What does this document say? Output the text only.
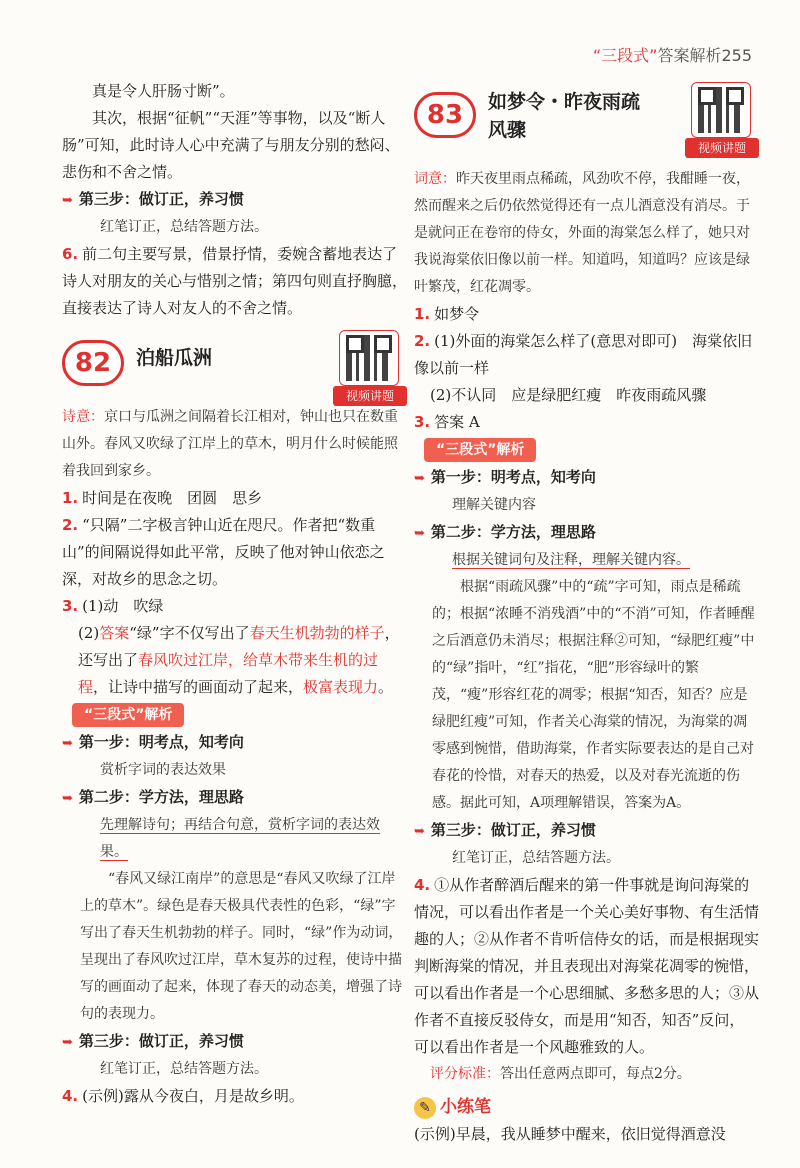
“三段式”答案解析255

真是令人肝肠寸断”。

其次，根据“征帆”“天涯”等事物，以及“断人肠”可知，此时诗人心中充满了与朋友分别的愁闷、悲伤和不舍之情。

➥ 第三步：做订正，养习惯

红笔订正，总结答题方法。

6. 前二句主要写景，借景抒情，委婉含蓄地表达了诗人对朋友的关心与惜别之情；第四句则直抒胸臆，直接表达了诗人对友人的不舍之情。

82	泊船瓜洲
视频讲题

诗意：京口与瓜洲之间隔着长江相对，钟山也只在数重山外。春风又吹绿了江岸上的草木，明月什么时候能照着我回到家乡。

1. 时间是在夜晚　团圆　思乡

2. “只隔”二字极言钟山近在咫尺。作者把“数重山”的间隔说得如此平常，反映了他对钟山依恋之深，对故乡的思念之切。

3. (1)动　吹绿

(2)答案“绿”字不仅写出了春天生机勃勃的样子，还写出了春风吹过江岸，给草木带来生机的过程，让诗中描写的画面动了起来，极富表现力。

“三段式”解析

➥ 第一步：明考点，知考向

赏析字词的表达效果

➥ 第二步：学方法，理思路

先理解诗句；再结合句意，赏析字词的表达效果。

“春风又绿江南岸”的意思是“春风又吹绿了江岸上的草木”。绿色是春天极具代表性的色彩，“绿”字写出了春天生机勃勃的样子。同时，“绿”作为动词，呈现出了春风吹过江岸，草木复苏的过程，使诗中描写的画面动了起来，体现了春天的动态美，增强了诗句的表现力。

➥ 第三步：做订正，养习惯

红笔订正，总结答题方法。

4. (示例)露从今夜白，月是故乡明。

83	如梦令・昨夜雨疏
风骤
视频讲题

词意：昨天夜里雨点稀疏，风劲吹不停，我酣睡一夜，然而醒来之后仍依然觉得还有一点儿酒意没有消尽。于是就问正在卷帘的侍女，外面的海棠怎么样了，她只对我说海棠依旧像以前一样。知道吗，知道吗？应该是绿叶繁茂，红花凋零。

1. 如梦令

2. (1)外面的海棠怎么样了(意思对即可)　海棠依旧像以前一样

(2)不认同　应是绿肥红瘦　昨夜雨疏风骤

3. 答案 A

“三段式”解析

➥ 第一步：明考点，知考向

理解关键内容

➥ 第二步：学方法，理思路

根据关键词句及注释，理解关键内容。

根据“雨疏风骤”中的“疏”字可知，雨点是稀疏的；根据“浓睡不消残酒”中的“不消”可知，作者睡醒之后酒意仍未消尽；根据注释②可知，“绿肥红瘦”中的“绿”指叶，“红”指花，“肥”形容绿叶的繁茂，“瘦”形容红花的凋零；根据“知否，知否？应是绿肥红瘦”可知，作者关心海棠的情况，为海棠的凋零感到惋惜，借助海棠，作者实际要表达的是自己对春花的怜惜，对春天的热爱，以及对春光流逝的伤感。据此可知，A项理解错误，答案为A。

➥ 第三步：做订正，养习惯

红笔订正，总结答题方法。

4. ①从作者醉酒后醒来的第一件事就是询问海棠的情况，可以看出作者是一个关心美好事物、有生活情趣的人；②从作者不肯听信侍女的话，而是根据现实判断海棠的情况，并且表现出对海棠花凋零的惋惜，可以看出作者是一个心思细腻、多愁多思的人；③从作者不直接反驳侍女，而是用“知否，知否”反问，可以看出作者是一个风趣雅致的人。

评分标准：答出任意两点即可，每点2分。

✎ 小练笔

(示例)早晨，我从睡梦中醒来，依旧觉得酒意没
